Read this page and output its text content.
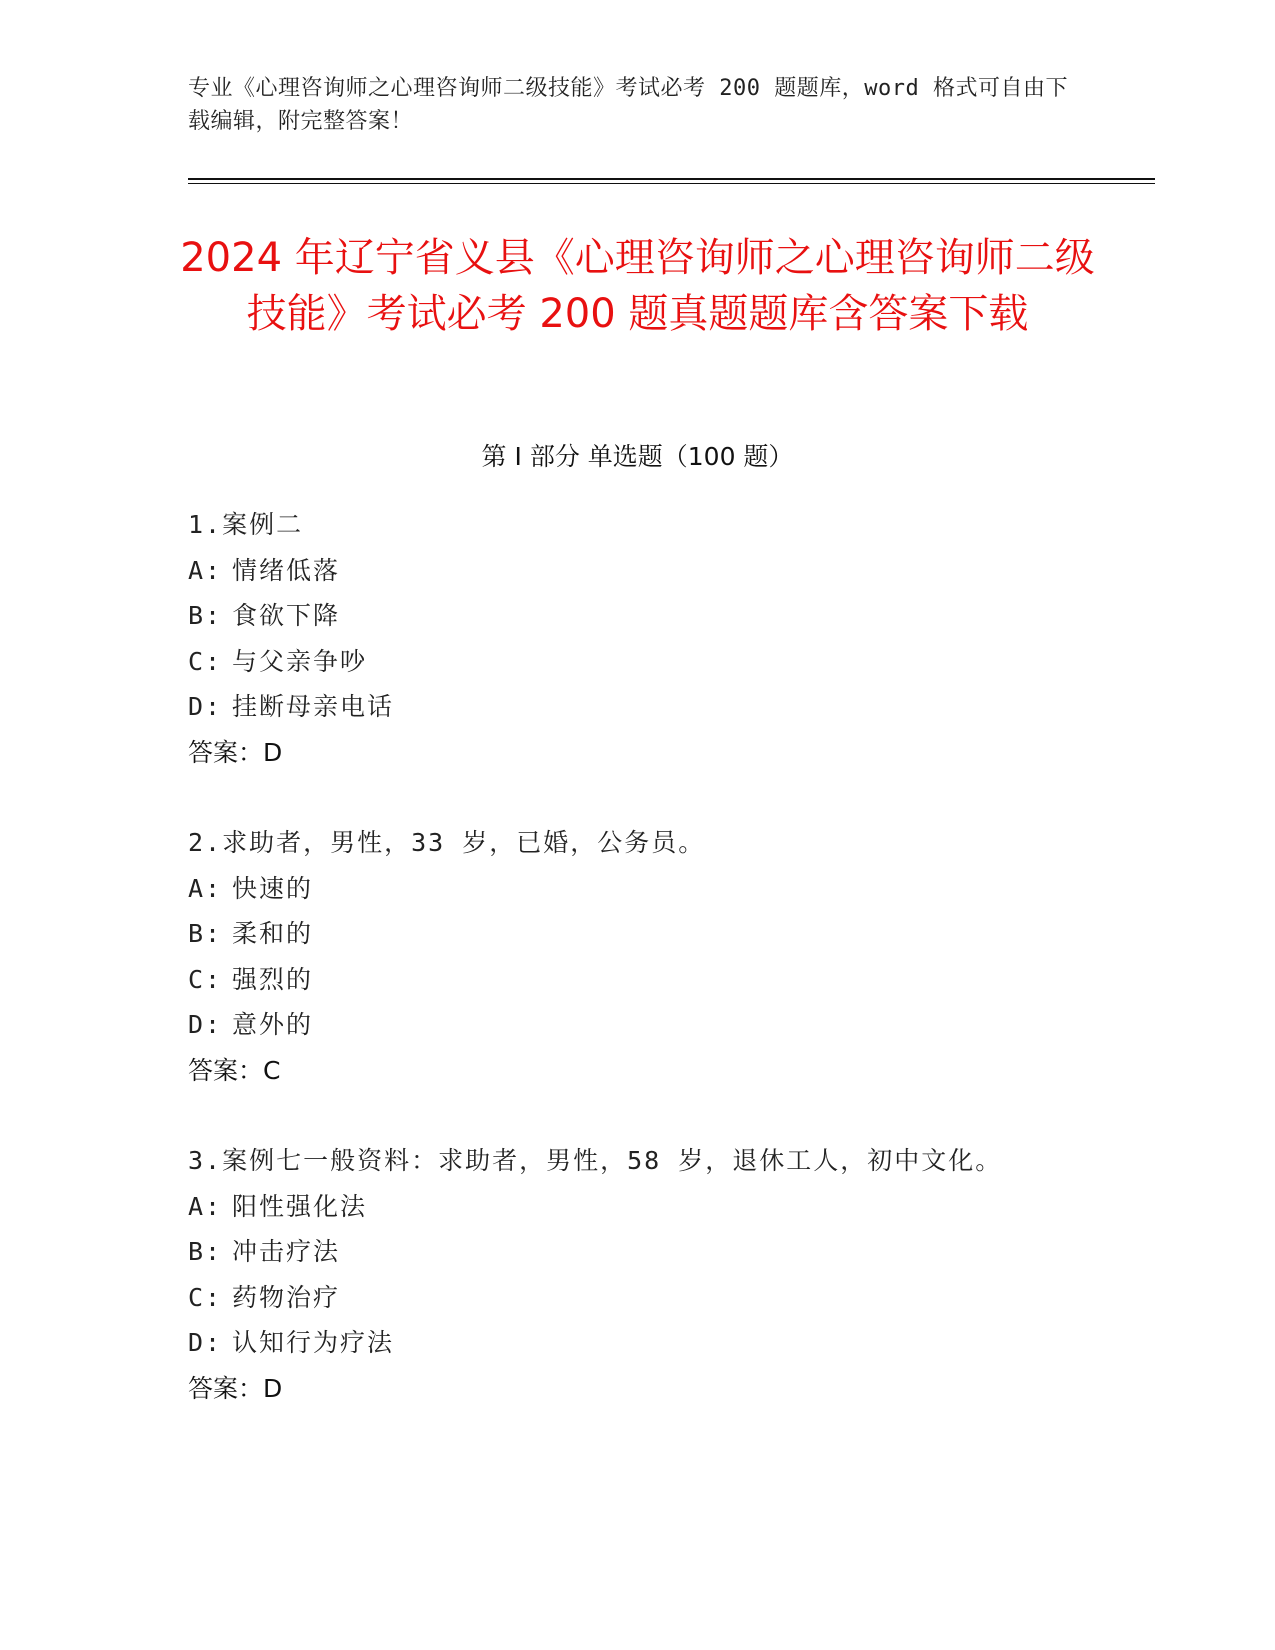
专业《心理咨询师之心理咨询师二级技能》考试必考 200 题题库，word 格式可自由下载编辑，附完整答案！
2024 年辽宁省义县《心理咨询师之心理咨询师二级技能》考试必考 200 题真题题库含答案下载
第 I 部分 单选题（100 题）
1.案例二
A: 情绪低落
B: 食欲下降
C: 与父亲争吵
D: 挂断母亲电话
答案：D
2.求助者，男性，33 岁，已婚，公务员。
A: 快速的
B: 柔和的
C: 强烈的
D: 意外的
答案：C
3.案例七一般资料：求助者，男性，58 岁，退休工人，初中文化。
A: 阳性强化法
B: 冲击疗法
C: 药物治疗
D: 认知行为疗法
答案：D
